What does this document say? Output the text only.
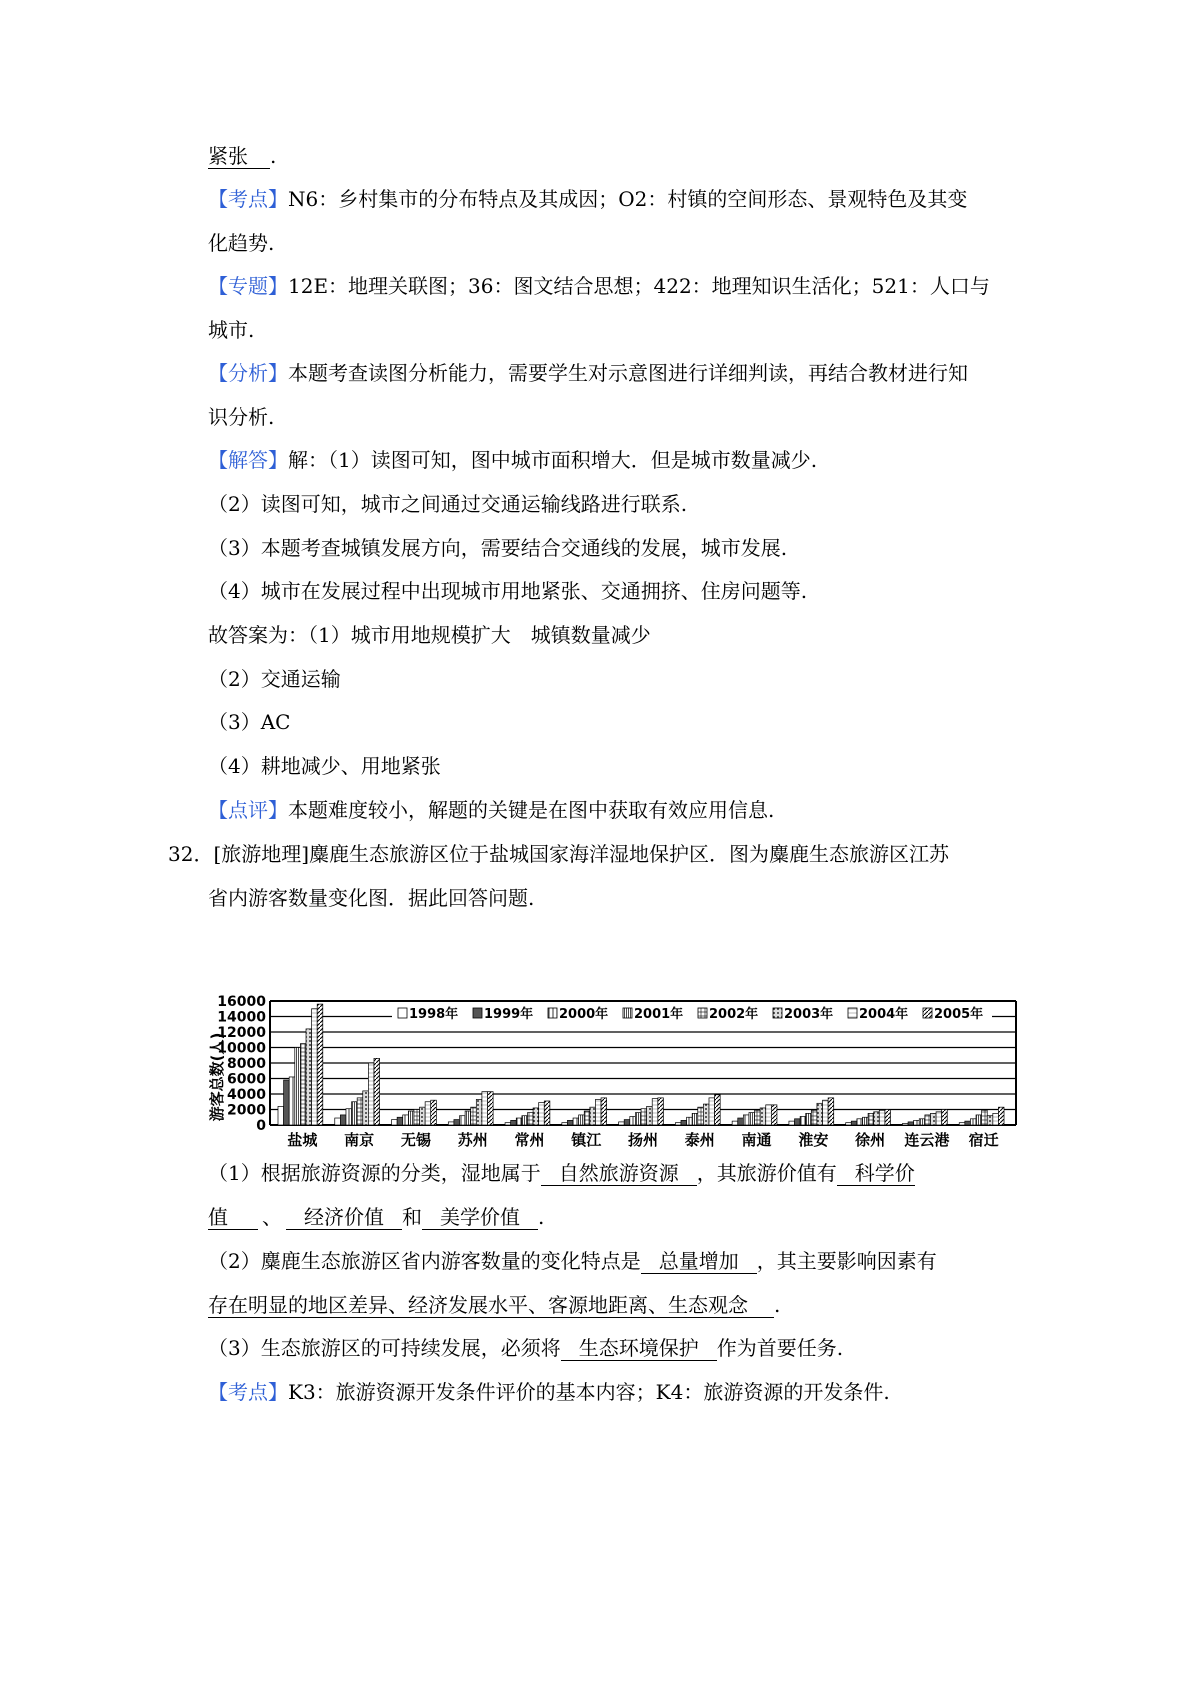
紧张 .
【考点】N6：乡村集市的分布特点及其成因；O2：村镇的空间形态、景观特色及其变
化趋势.
【专题】12E：地理关联图；36：图文结合思想；422：地理知识生活化；521：人口与
城市.
【分析】本题考查读图分析能力，需要学生对示意图进行详细判读，再结合教材进行知
识分析.
【解答】解：（1）读图可知，图中城市面积增大．但是城市数量减少.
（2）读图可知，城市之间通过交通运输线路进行联系.
（3）本题考查城镇发展方向，需要结合交通线的发展，城市发展.
（4）城市在发展过程中出现城市用地紧张、交通拥挤、住房问题等.
故答案为：（1）城市用地规模扩大　城镇数量减少
（2）交通运输
（3）AC
（4）耕地减少、用地紧张
【点评】本题难度较小，解题的关键是在图中获取有效应用信息.
32．[旅游地理]麋鹿生态旅游区位于盐城国家海洋湿地保护区．图为麋鹿生态旅游区江苏
省内游客数量变化图．据此回答问题.
0
2000
4000
6000
8000
10000
12000
14000
16000
盐城 南京 无锡 苏州 常州 镇江 扬州 泰州 南通 淮安 徐州 连云港 宿迁
1998年 1999年 2000年 2001年 2002年 2003年 2004年 2005年
游客总数(人)
（1）根据旅游资源的分类，湿地属于 自然旅游资源 ，其旅游价值有 科学价
值 、 经济价值 和 美学价值 .
（2）麋鹿生态旅游区省内游客数量的变化特点是 总量增加 ，其主要影响因素有
存在明显的地区差异、经济发展水平、客源地距离、生态观念 .
（3）生态旅游区的可持续发展，必须将 生态环境保护 作为首要任务.
【考点】K3：旅游资源开发条件评价的基本内容；K4：旅游资源的开发条件.
